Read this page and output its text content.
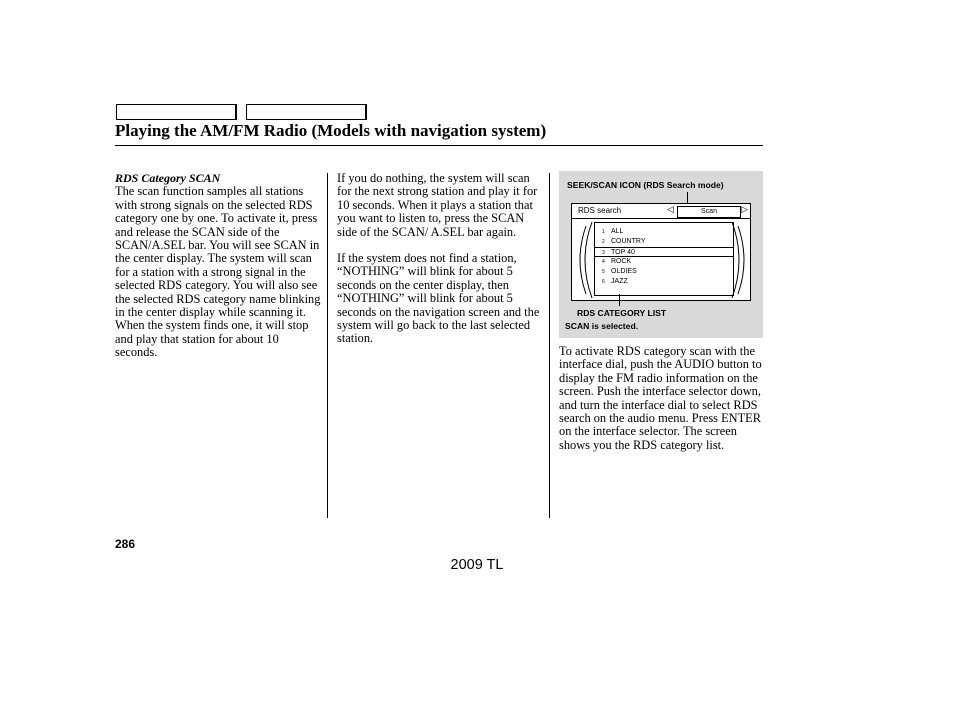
Playing the AM/FM Radio (Models with navigation system)

RDS Category SCAN

The scan function samples all stations with strong signals on the selected RDS category one by one. To activate it, press and release the SCAN side of the SCAN/A.SEL bar. You will see SCAN in the center display. The system will scan for a station with a strong signal in the selected RDS category. You will also see the selected RDS category name blinking in the center display while scanning it. When the system finds one, it will stop and play that station for about 10 seconds.

If you do nothing, the system will scan for the next strong station and play it for 10 seconds. When it plays a station that you want to listen to, press the SCAN side of the SCAN/ A.SEL bar again.

If the system does not find a station, “NOTHING” will blink for about 5 seconds on the center display, then “NOTHING” will blink for about 5 seconds on the navigation screen and the system will go back to the last selected station.

SEEK/SCAN ICON (RDS Search mode)
RDS search	◁	Scan	▷
1 ALL
2 COUNTRY
3 TOP 40
4 ROCK
5 OLDIES
6 JAZZ
RDS CATEGORY LIST
SCAN is selected.

To activate RDS category scan with the interface dial, push the AUDIO button to display the FM radio information on the screen. Push the interface selector down, and turn the interface dial to select RDS search on the audio menu. Press ENTER on the interface selector. The screen shows you the RDS category list.

286
2009 TL
